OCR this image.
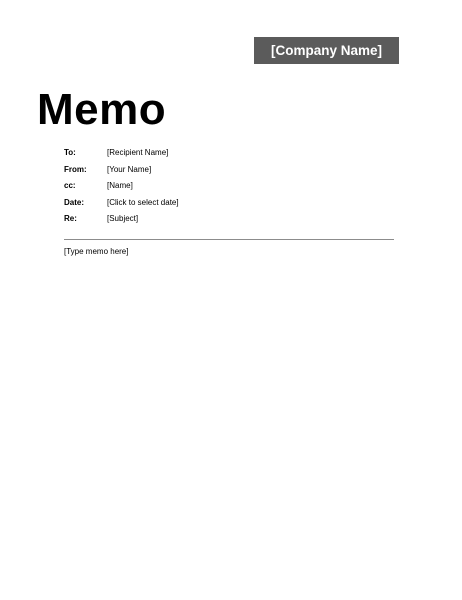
[Company Name]
Memo
To:	[Recipient Name]
From:	[Your Name]
cc:	[Name]
Date:	[Click to select date]
Re:	[Subject]
[Type memo here]
